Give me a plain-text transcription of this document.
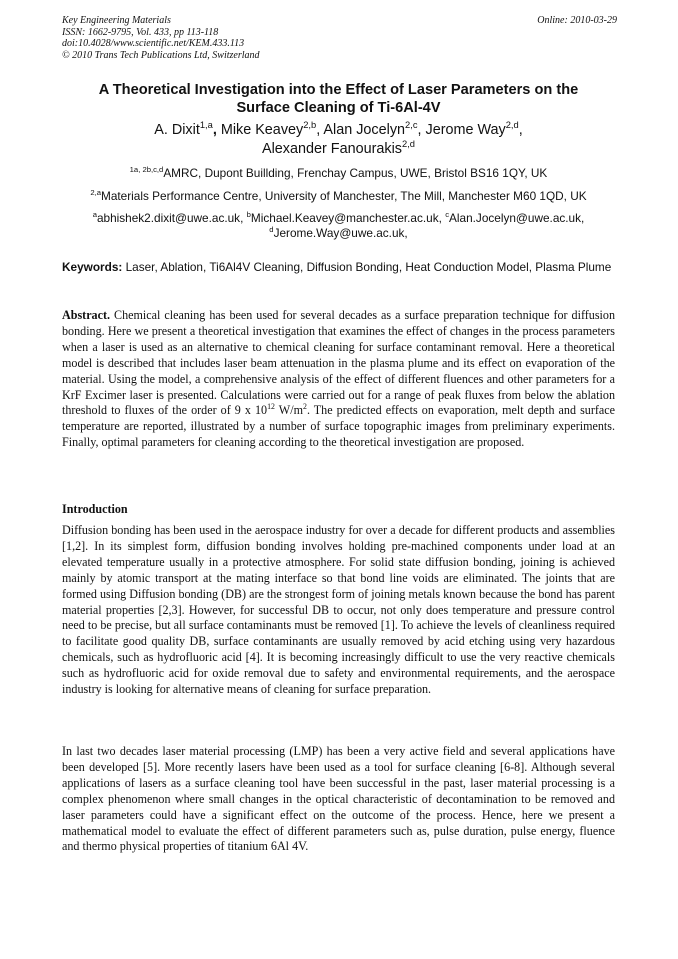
Key Engineering Materials
ISSN: 1662-9795, Vol. 433, pp 113-118
doi:10.4028/www.scientific.net/KEM.433.113
© 2010 Trans Tech Publications Ltd, Switzerland
Online: 2010-03-29
A Theoretical Investigation into the Effect of Laser Parameters on the
Surface Cleaning of Ti-6Al-4V
A. Dixit$^{1,a}$, Mike Keavey$^{2,b}$, Alan Jocelyn$^{2,c}$, Jerome Way$^{2,d}$,
Alexander Fanourakis$^{2,d}$
$^{1a, 2b,c,d}$AMRC, Dupont Buillding, Frenchay Campus, UWE, Bristol BS16 1QY, UK
$^{2,a}$Materials Performance Centre, University of Manchester, The Mill, Manchester M60 1QD, UK
$^a$abhishek2.dixit@uwe.ac.uk, $^b$Michael.Keavey@manchester.ac.uk, $^c$Alan.Jocelyn@uwe.ac.uk,
$^d$Jerome.Way@uwe.ac.uk,
Keywords: Laser, Ablation, Ti6Al4V Cleaning, Diffusion Bonding, Heat Conduction Model, Plasma Plume
Abstract. Chemical cleaning has been used for several decades as a surface preparation technique for diffusion bonding. Here we present a theoretical investigation that examines the effect of changes in the process parameters when a laser is used as an alternative to chemical cleaning for surface contaminant removal. Here a theoretical model is described that includes laser beam attenuation in the plasma plume and its effect on evaporation of the material. Using the model, a comprehensive analysis of the effect of different fluences and other parameters for a KrF Excimer laser is presented. Calculations were carried out for a range of peak fluxes from below the ablation threshold to fluxes of the order of 9 x $10^{12}$ $W/m^2$. The predicted effects on evaporation, melt depth and surface temperature are reported, illustrated by a number of surface topographic images from preliminary experiments. Finally, optimal parameters for cleaning according to the theoretical investigation are proposed.
Introduction
Diffusion bonding has been used in the aerospace industry for over a decade for different products and assemblies [1,2]. In its simplest form, diffusion bonding involves holding pre-machined components under load at an elevated temperature usually in a protective atmosphere. For solid state diffusion bonding, joining is achieved mainly by atomic transport at the mating interface so that bond line voids are eliminated. The joints that are formed using Diffusion bonding (DB) are the strongest form of joining metals known because the bond has parent material properties [2,3]. However, for successful DB to occur, not only does temperature and pressure control need to be precise, but all surface contaminants must be removed [1]. To achieve the levels of cleanliness required to facilitate good quality DB, surface contaminants are usually removed by acid etching using very hazardous chemicals, such as hydrofluoric acid [4]. It is becoming increasingly difficult to use the very reactive chemicals such as hydrofluoric acid for oxide removal due to safety and environmental requirements, and the aerospace industry is looking for alternative means of cleaning for surface preparation.
In last two decades laser material processing (LMP) has been a very active field and several applications have been developed [5]. More recently lasers have been used as a tool for surface cleaning [6-8]. Although several applications of lasers as a surface cleaning tool have been successful in the past, laser material processing is a complex phenomenon where small changes in the optical characteristic of decontamination to be removed and laser parameters could have a significant effect on the outcome of the process. Hence, here we present a mathematical model to evaluate the effect of different parameters such as, pulse duration, pulse energy, fluence and thermo physical properties of titanium 6Al 4V.
